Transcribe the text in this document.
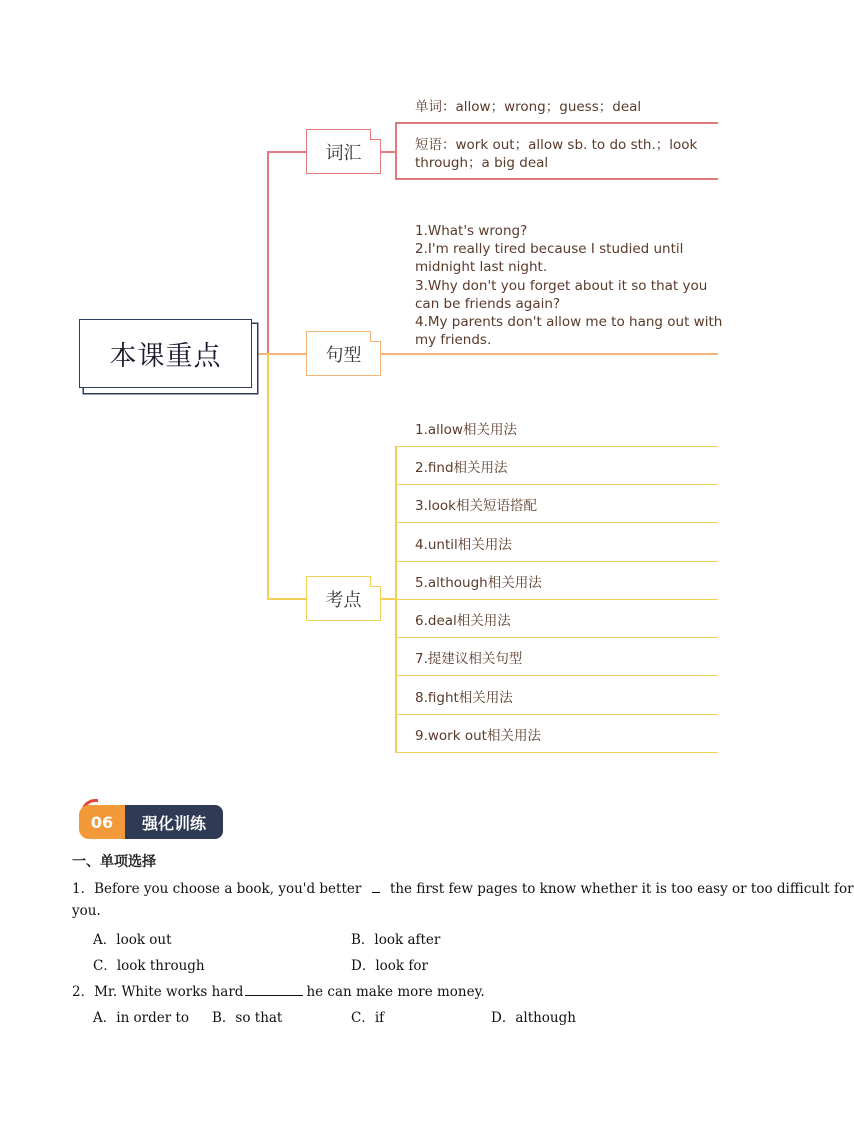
本课重点
词汇
单词：allow；wrong；guess；deal
短语：work out；allow sb. to do sth.；look
through；a big deal
句型
1.What's wrong?
2.I'm really tired because I studied until
midnight last night.
3.Why don't you forget about it so that you
can be friends again?
4.My parents don't allow me to hang out with
my friends.
考点
1.allow相关用法
2.find相关用法
3.look相关短语搭配
4.until相关用法
5.although相关用法
6.deal相关用法
7.提建议相关句型
8.fight相关用法
9.work out相关用法
06	强化训练
一、单项选择
1．Before you choose a book, you'd better the first few pages to know whether it is too easy or too difficult for
you.
A．look out	B．look after
C．look through	D．look for
2．Mr. White works hard	he can make more money.
A．in order to B．so that	C．if	D．although
